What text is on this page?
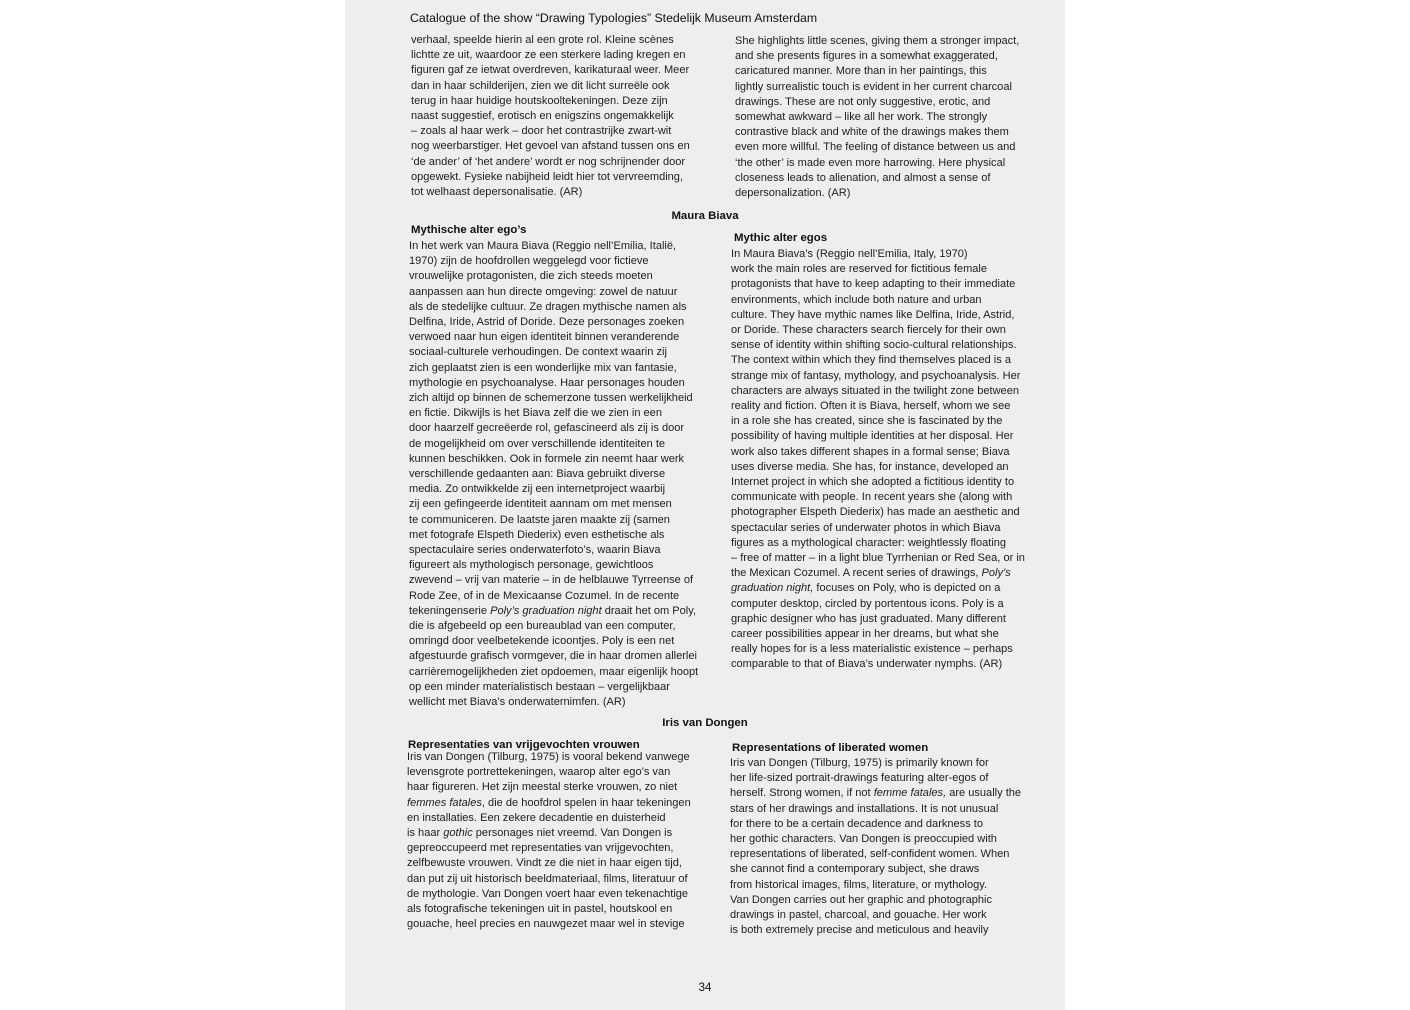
Catalogue of the show “Drawing Typologies” Stedelijk Museum Amsterdam
verhaal, speelde hierin al een grote rol. Kleine scènes
lichtte ze uit, waardoor ze een sterkere lading kregen en
figuren gaf ze ietwat overdreven, karikaturaal weer. Meer
dan in haar schilderijen, zien we dit licht surreële ook
terug in haar huidige houtskooltekeningen. Deze zijn
naast suggestief, erotisch en enigszins ongemakkelijk
– zoals al haar werk – door het contrastrijke zwart-wit
nog weerbarstiger. Het gevoel van afstand tussen ons en
‘de ander’ of ‘het andere’ wordt er nog schrijnender door
opgewekt. Fysieke nabijheid leidt hier tot vervreemding,
tot welhaast depersonalisatie. (AR)
She highlights little scenes, giving them a stronger impact,
and she presents figures in a somewhat exaggerated,
caricatured manner. More than in her paintings, this
lightly surrealistic touch is evident in her current charcoal
drawings. These are not only suggestive, erotic, and
somewhat awkward – like all her work. The strongly
contrastive black and white of the drawings makes them
even more willful. The feeling of distance between us and
‘the other’ is made even more harrowing. Here physical
closeness leads to alienation, and almost a sense of
depersonalization. (AR)
Maura Biava
Mythische alter ego’s
Mythic alter egos
In het werk van Maura Biava (Reggio nell’Emilia, Italië,
1970) zijn de hoofdrollen weggelegd voor fictieve
vrouwelijke protagonisten, die zich steeds moeten
aanpassen aan hun directe omgeving: zowel de natuur
als de stedelijke cultuur. Ze dragen mythische namen als
Delfina, Iride, Astrid of Doride. Deze personages zoeken
verwoed naar hun eigen identiteit binnen veranderende
sociaal-culturele verhoudingen. De context waarin zij
zich geplaatst zien is een wonderlijke mix van fantasie,
mythologie en psychoanalyse. Haar personages houden
zich altijd op binnen de schemerzone tussen werkelijkheid
en fictie. Dikwijls is het Biava zelf die we zien in een
door haarzelf gecreëerde rol, gefascineerd als zij is door
de mogelijkheid om over verschillende identiteiten te
kunnen beschikken. Ook in formele zin neemt haar werk
verschillende gedaanten aan: Biava gebruikt diverse
media. Zo ontwikkelde zij een internetproject waarbij
zij een gefingeerde identiteit aannam om met mensen
te communiceren. De laatste jaren maakte zij (samen
met fotografe Elspeth Diederix) even esthetische als
spectaculaire series onderwaterfoto’s, waarin Biava
figureert als mythologisch personage, gewichtloos
zwevend – vrij van materie – in de helblauwe Tyrreense of
Rode Zee, of in de Mexicaanse Cozumel. In de recente
tekeningenserie Poly’s graduation night draait het om Poly,
die is afgebeeld op een bureaublad van een computer,
omringd door veelbetekende icoontjes. Poly is een net
afgestuurde grafisch vormgever, die in haar dromen allerlei
carrièremogelijkheden ziet opdoemen, maar eigenlijk hoopt
op een minder materialistisch bestaan – vergelijkbaar
wellicht met Biava’s onderwaternimfen. (AR)
In Maura Biava’s (Reggio nell’Emilia, Italy, 1970)
work the main roles are reserved for fictitious female
protagonists that have to keep adapting to their immediate
environments, which include both nature and urban
culture. They have mythic names like Delfina, Iride, Astrid,
or Doride. These characters search fiercely for their own
sense of identity within shifting socio-cultural relationships.
The context within which they find themselves placed is a
strange mix of fantasy, mythology, and psychoanalysis. Her
characters are always situated in the twilight zone between
reality and fiction. Often it is Biava, herself, whom we see
in a role she has created, since she is fascinated by the
possibility of having multiple identities at her disposal. Her
work also takes different shapes in a formal sense; Biava
uses diverse media. She has, for instance, developed an
Internet project in which she adopted a fictitious identity to
communicate with people. In recent years she (along with
photographer Elspeth Diederix) has made an aesthetic and
spectacular series of underwater photos in which Biava
figures as a mythological character: weightlessly floating
– free of matter – in a light blue Tyrrhenian or Red Sea, or in
the Mexican Cozumel. A recent series of drawings, Poly’s
graduation night, focuses on Poly, who is depicted on a
computer desktop, circled by portentous icons. Poly is a
graphic designer who has just graduated. Many different
career possibilities appear in her dreams, but what she
really hopes for is a less materialistic existence – perhaps
comparable to that of Biava’s underwater nymphs. (AR)
Iris van Dongen
Representaties van vrijgevochten vrouwen	Representations of liberated women
Iris van Dongen (Tilburg, 1975) is vooral bekend vanwege
levensgrote portrettekeningen, waarop alter ego’s van
haar figureren. Het zijn meestal sterke vrouwen, zo niet
femmes fatales, die de hoofdrol spelen in haar tekeningen
en installaties. Een zekere decadentie en duisterheid
is haar gothic personages niet vreemd. Van Dongen is
gepreoccupeerd met representaties van vrijgevochten,
zelfbewuste vrouwen. Vindt ze die niet in haar eigen tijd,
dan put zij uit historisch beeldmateriaal, films, literatuur of
de mythologie. Van Dongen voert haar even tekenachtige
als fotografische tekeningen uit in pastel, houtskool en
gouache, heel precies en nauwgezet maar wel in stevige
Iris van Dongen (Tilburg, 1975) is primarily known for
her life-sized portrait-drawings featuring alter-egos of
herself. Strong women, if not femme fatales, are usually the
stars of her drawings and installations. It is not unusual
for there to be a certain decadence and darkness to
her gothic characters. Van Dongen is preoccupied with
representations of liberated, self-confident women. When
she cannot find a contemporary subject, she draws
from historical images, films, literature, or mythology.
Van Dongen carries out her graphic and photographic
drawings in pastel, charcoal, and gouache. Her work
is both extremely precise and meticulous and heavily
34
